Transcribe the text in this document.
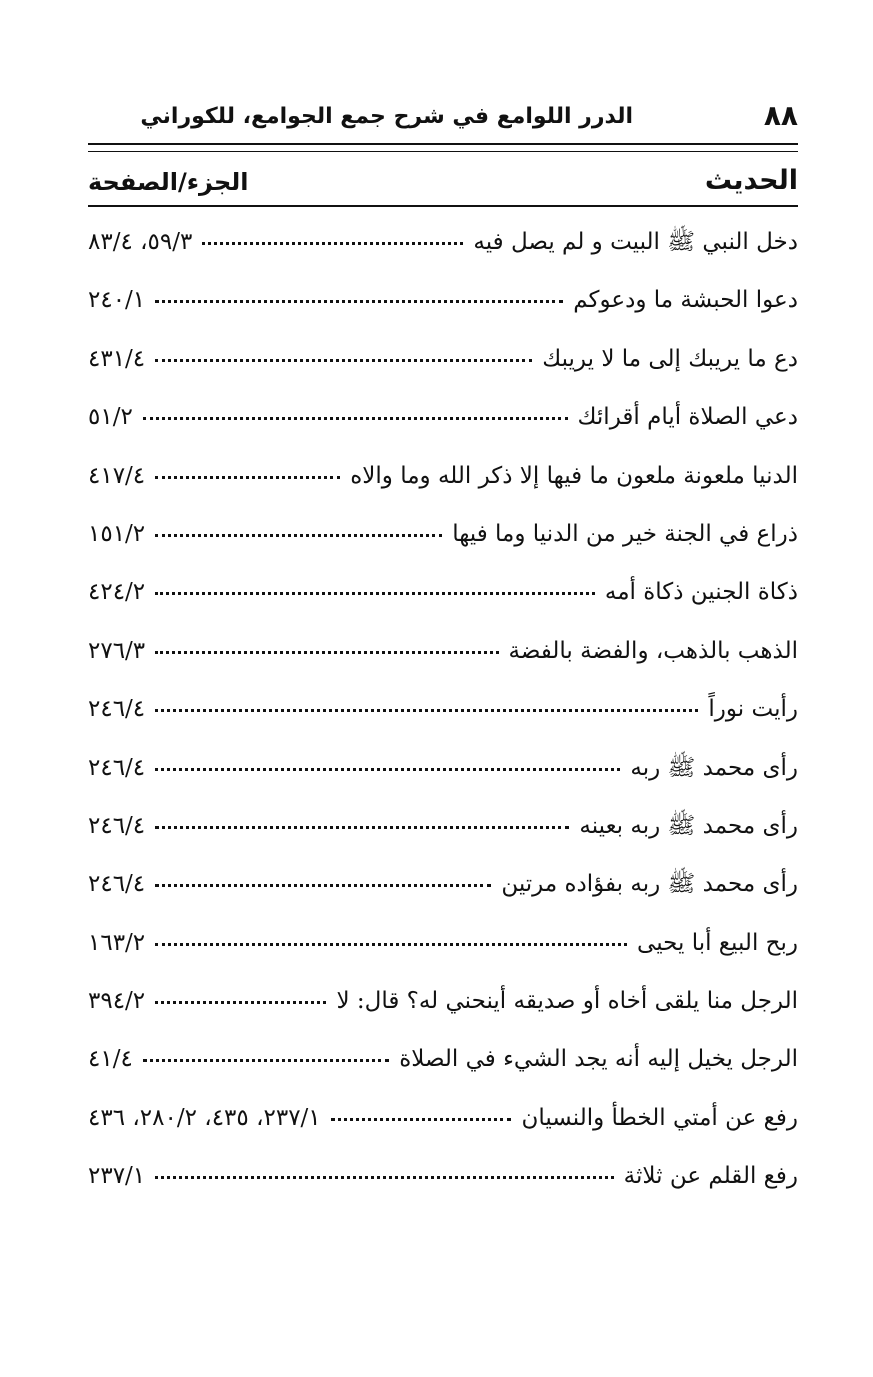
٨٨
الدرر اللوامع في شرح جمع الجوامع، للكوراني
الحديث
الجزء/الصفحة
دخل النبي ﷺ البيت و لم يصل فيه
٥٩/٣، ٨٣/٤
دعوا الحبشة ما ودعوكم
٢٤٠/١
دع ما يريبك إلى ما لا يريبك
٤٣١/٤
دعي الصلاة أيام أقرائك
٥١/٢
الدنيا ملعونة ملعون ما فيها إلا ذكر الله وما والاه
٤١٧/٤
ذراع في الجنة خير من الدنيا وما فيها
١٥١/٢
ذكاة الجنين ذكاة أمه
٤٢٤/٢
الذهب بالذهب، والفضة بالفضة
٢٧٦/٣
رأيت نوراً
٢٤٦/٤
رأى محمد ﷺ ربه
٢٤٦/٤
رأى محمد ﷺ ربه بعينه
٢٤٦/٤
رأى محمد ﷺ ربه بفؤاده مرتين
٢٤٦/٤
ربح البيع أبا يحيى
١٦٣/٢
الرجل منا يلقى أخاه أو صديقه أينحني له؟ قال: لا
٣٩٤/٢
الرجل يخيل إليه أنه يجد الشيء في الصلاة
٤١/٤
رفع عن أمتي الخطأ والنسيان
٢٣٧/١، ٤٣٥، ٢٨٠/٢، ٤٣٦
رفع القلم عن ثلاثة
٢٣٧/١
